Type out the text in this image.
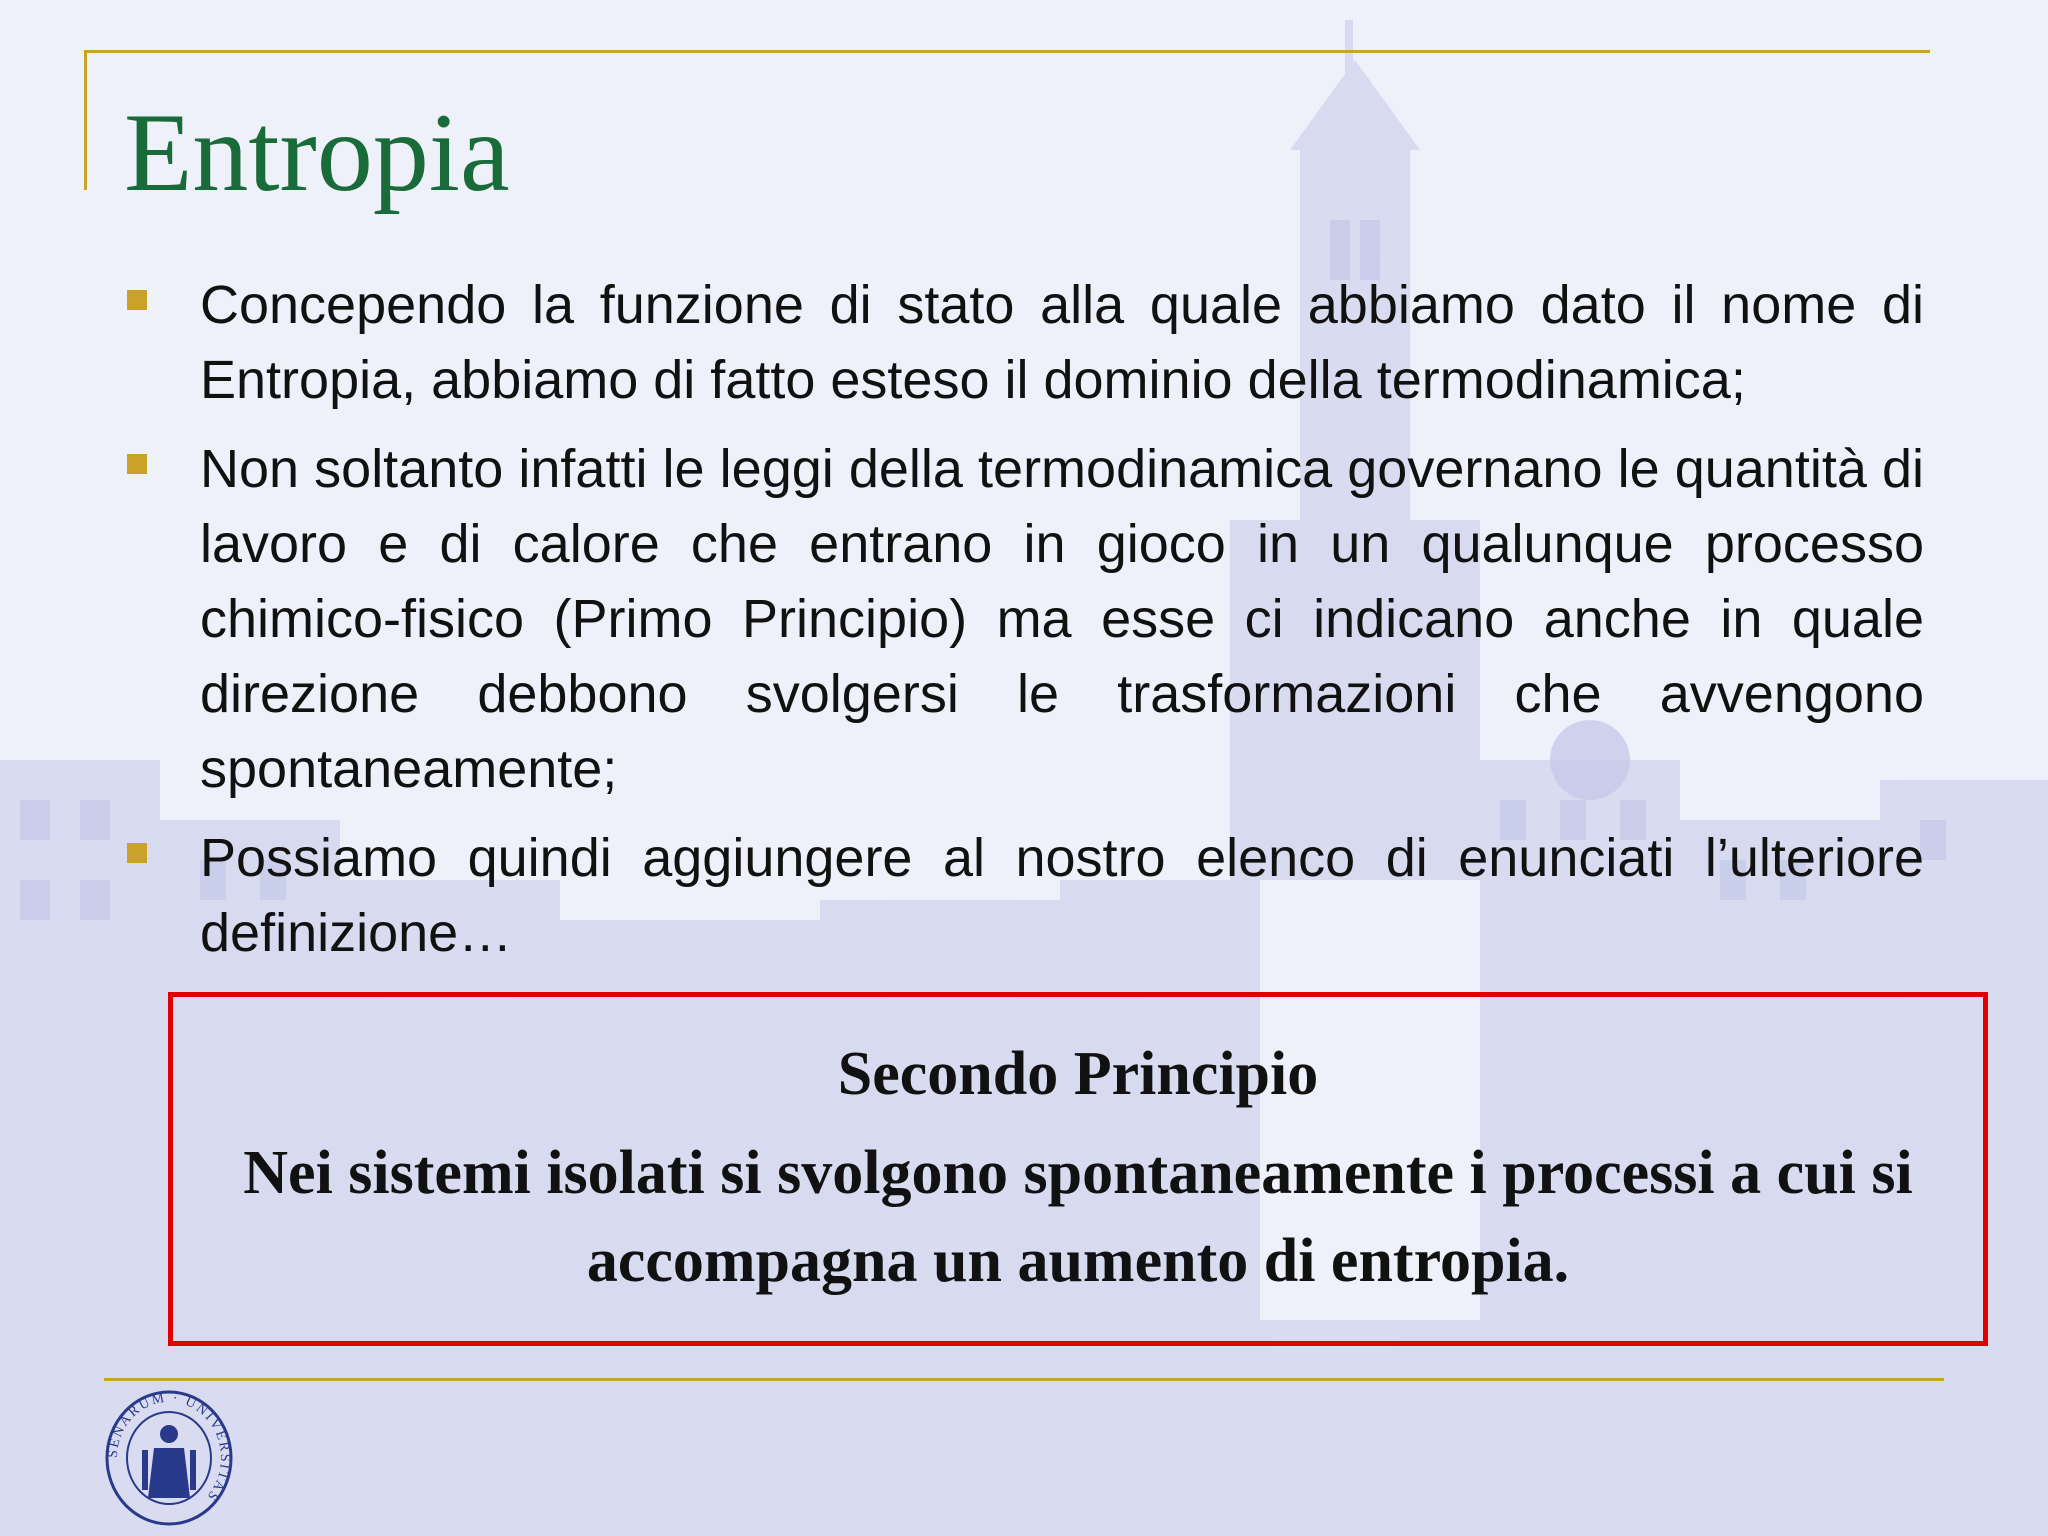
Entropia
Concependo la funzione di stato alla quale abbiamo dato il nome di Entropia, abbiamo di fatto esteso il dominio della termodinamica;
Non soltanto infatti le leggi della termodinamica governano le quantità di lavoro e di calore che entrano in gioco in un qualunque processo chimico-fisico (Primo Principio) ma esse ci indicano anche in quale direzione debbono svolgersi le trasformazioni che avvengono spontaneamente;
Possiamo quindi aggiungere al nostro elenco di enunciati l’ulteriore definizione…
Secondo Principio
Nei sistemi isolati si svolgono spontaneamente i processi a cui si accompagna un aumento di entropia.
SENARUM · UNIVERSITAS
